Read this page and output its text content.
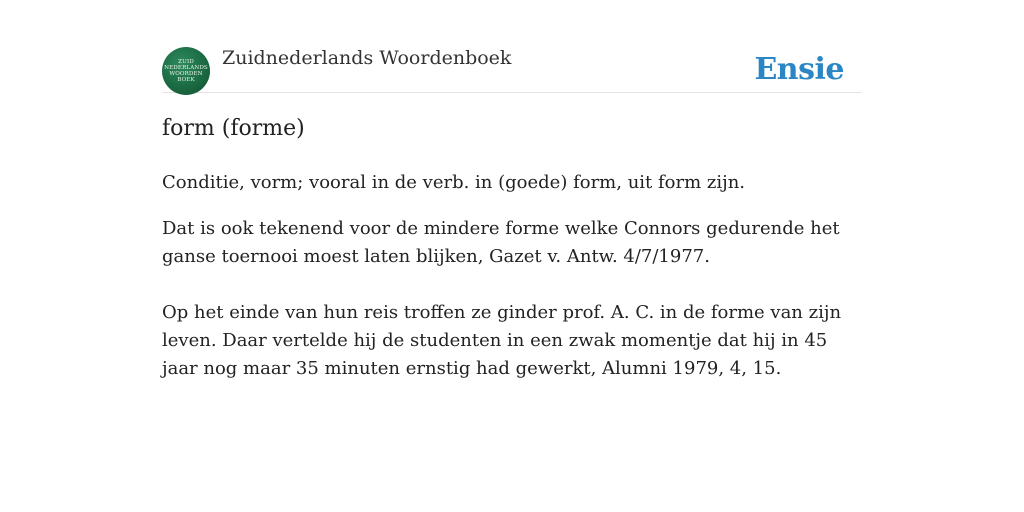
ZUID
NEDERLANDS
WOORDEN
BOEK
Zuidnederlands Woordenboek	Ensie
form (forme)

Conditie, vorm; vooral in de verb. in (goede) form, uit form zijn.

Dat is ook tekenend voor de mindere forme welke Connors gedurende het ganse toernooi moest laten blijken, Gazet v. Antw. 4/7/1977.

Op het einde van hun reis troffen ze ginder prof. A. C. in de forme van zijn leven. Daar vertelde hij de studenten in een zwak momentje dat hij in 45 jaar nog maar 35 minuten ernstig had gewerkt, Alumni 1979, 4, 15.
